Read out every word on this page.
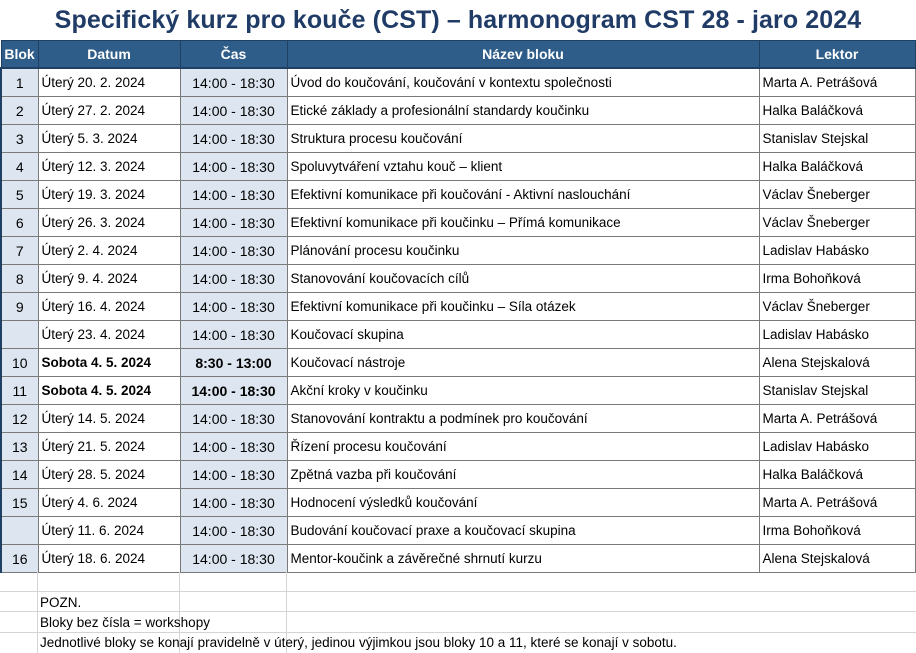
Specifický kurz pro kouče (CST) – harmonogram CST 28 - jaro 2024
Blok	Datum	Čas	Název bloku	Lektor
1	Úterý 20. 2. 2024	14:00 - 18:30	Úvod do koučování, koučování v kontextu společnosti	Marta A. Petrášová
2	Úterý 27. 2. 2024	14:00 - 18:30	Etické základy a profesionální standardy koučinku	Halka Baláčková
3	Úterý 5. 3. 2024	14:00 - 18:30	Struktura procesu koučování	Stanislav Stejskal
4	Úterý 12. 3. 2024	14:00 - 18:30	Spoluvytváření vztahu kouč – klient	Halka Baláčková
5	Úterý 19. 3. 2024	14:00 - 18:30	Efektivní komunikace při koučování - Aktivní naslouchání	Václav Šneberger
6	Úterý 26. 3. 2024	14:00 - 18:30	Efektivní komunikace při koučinku – Přímá komunikace	Václav Šneberger
7	Úterý 2. 4. 2024	14:00 - 18:30	Plánování procesu koučinku	Ladislav Habásko
8	Úterý 9. 4. 2024	14:00 - 18:30	Stanovování koučovacích cílů	Irma Bohoňková
9	Úterý 16. 4. 2024	14:00 - 18:30	Efektivní komunikace při koučinku – Síla otázek	Václav Šneberger
	Úterý 23. 4. 2024	14:00 - 18:30	Koučovací skupina	Ladislav Habásko
10	Sobota 4. 5. 2024	8:30 - 13:00	Koučovací nástroje	Alena Stejskalová
11	Sobota 4. 5. 2024	14:00 - 18:30	Akční kroky v koučinku	Stanislav Stejskal
12	Úterý 14. 5. 2024	14:00 - 18:30	Stanovování kontraktu a podmínek pro koučování	Marta A. Petrášová
13	Úterý 21. 5. 2024	14:00 - 18:30	Řízení procesu koučování	Ladislav Habásko
14	Úterý 28. 5. 2024	14:00 - 18:30	Zpětná vazba při koučování	Halka Baláčková
15	Úterý 4. 6. 2024	14:00 - 18:30	Hodnocení výsledků koučování	Marta A. Petrášová
	Úterý 11. 6. 2024	14:00 - 18:30	Budování koučovací praxe a koučovací skupina	Irma Bohoňková
16	Úterý 18. 6. 2024	14:00 - 18:30	Mentor-koučink a závěrečné shrnutí kurzu	Alena Stejskalová
POZN.
Bloky bez čísla = workshopy
Jednotlivé bloky se konají pravidelně v úterý, jedinou výjimkou jsou bloky 10 a 11, které se konají v sobotu.
